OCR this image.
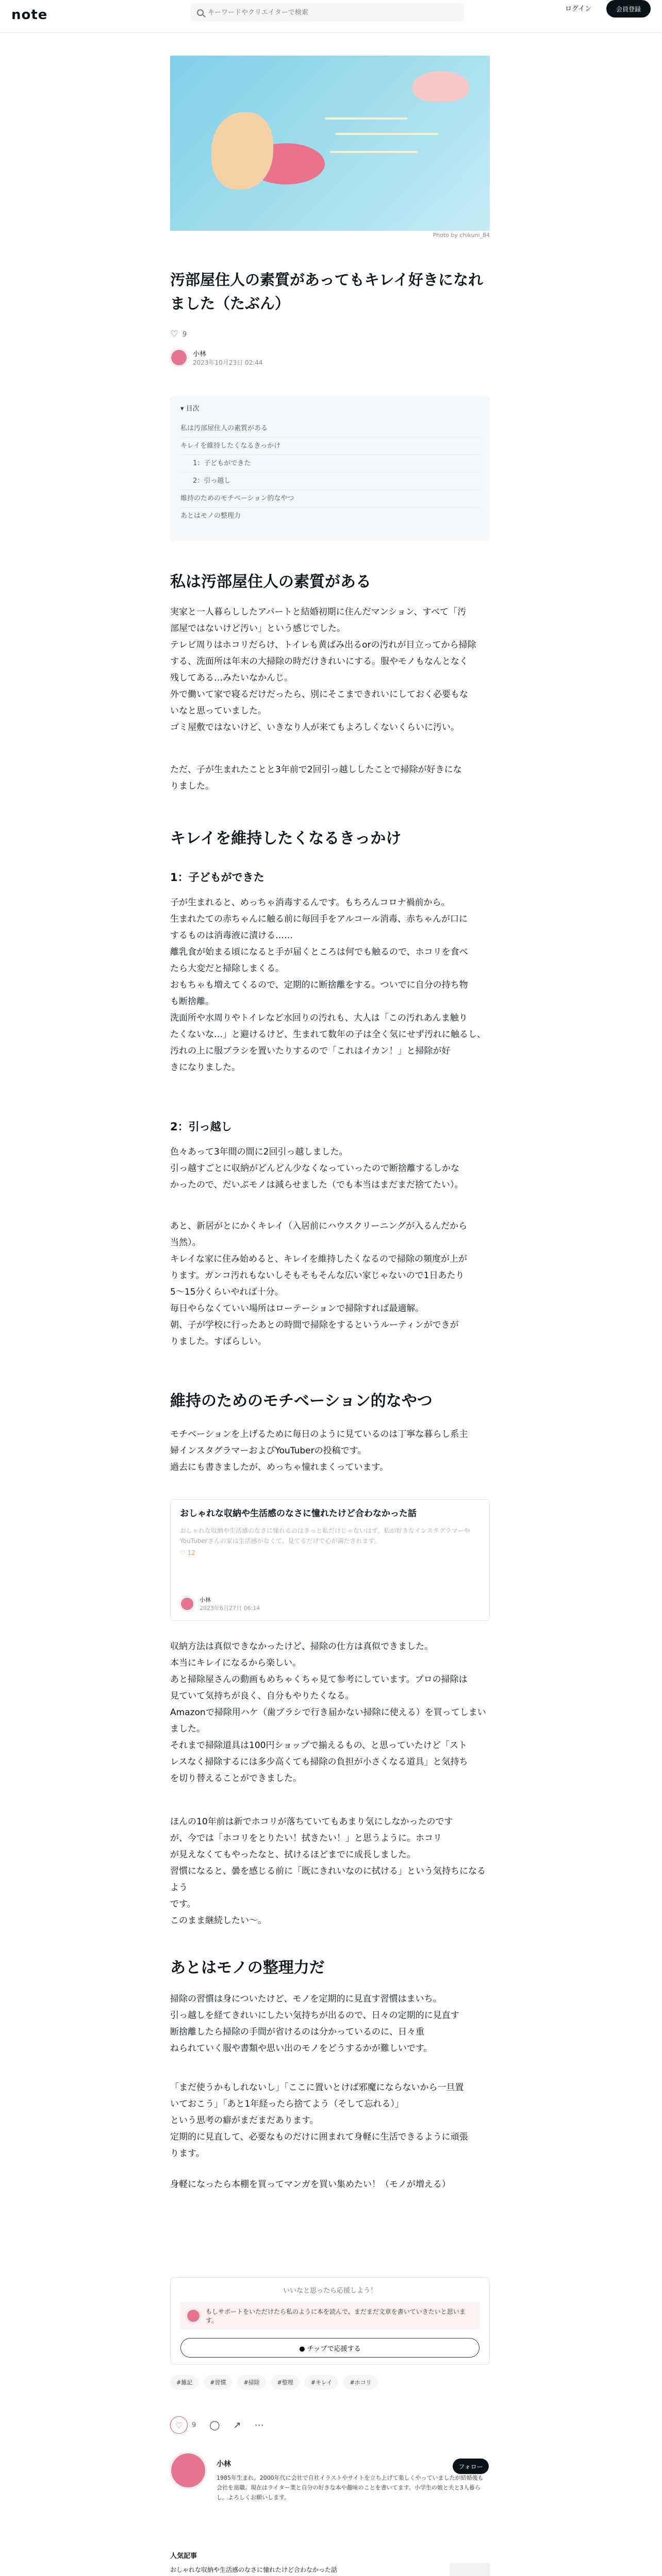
note
キーワードやクリエイターで検索	ログイン	会員登録
Photo by chikuni_84
汚部屋住人の素質があってもキレイ好きになれました（たぶん）
♡
9
小林
2023年10月23日 02:44
▾ 目次
私は汚部屋住人の素質がある
キレイを維持したくなるきっかけ
1：子どもができた
2：引っ越し
維持のためのモチベーション的なやつ
あとはモノの整理力
私は汚部屋住人の素質がある
実家と一人暮らししたアパートと結婚初期に住んだマンション、すべて「汚
部屋ではないけど汚い」という感じでした。
テレビ周りはホコリだらけ、トイレも黄ばみ出るorの汚れが目立ってから掃除
する、洗面所は年末の大掃除の時だけきれいにする。服やモノもなんとなく
残してある…みたいなかんじ。
外で働いて家で寝るだけだったら、別にそこまできれいにしておく必要もな
いなと思っていました。
ゴミ屋敷ではないけど、いきなり人が来てもよろしくないくらいに汚い。
ただ、子が生まれたことと3年前で2回引っ越ししたことで掃除が好きにな
りました。
キレイを維持したくなるきっかけ
1：子どもができた
子が生まれると、めっちゃ消毒するんです。もちろんコロナ禍前から。
生まれたての赤ちゃんに触る前に毎回手をアルコール消毒、赤ちゃんが口に
するものは消毒液に漬ける……
離乳食が始まる頃になると手が届くところは何でも触るので、ホコリを食べ
たら大変だと掃除しまくる。
おもちゃも増えてくるので、定期的に断捨離をする。ついでに自分の持ち物
も断捨離。
洗面所や水周りやトイレなど水回りの汚れも、大人は「この汚れあんま触り
たくないな…」と避けるけど、生まれて数年の子は全く気にせず汚れに触るし、
汚れの上に服ブラシを置いたりするので「これはイカン！」と掃除が好
きになりました。
2：引っ越し
色々あって3年間の間に2回引っ越しました。
引っ越すごとに収納がどんどん少なくなっていったので断捨離するしかな
かったので、だいぶモノは減らせました（でも本当はまだまだ捨てたい）。
あと、新居がとにかくキレイ（入居前にハウスクリーニングが入るんだから
当然）。
キレイな家に住み始めると、キレイを維持したくなるので掃除の頻度が上が
ります。ガンコ汚れもないしそもそもそんな広い家じゃないので1日あたり
5〜15分くらいやれば十分。
毎日やらなくていい場所はローテーションで掃除すれば最適解。
朝、子が学校に行ったあとの時間で掃除をするというルーティンができが
りました。すばらしい。
維持のためのモチベーション的なやつ
モチベーションを上げるために毎日のように見ているのは丁寧な暮らし系主
婦インスタグラマーおよびYouTuberの投稿です。
過去にも書きましたが、めっちゃ憧れまくっています。
おしゃれな収納や生活感のなさに憧れたけど合わなかった話
おしゃれな収納や生活感のなさに憧れるのはきっと私だけじゃないはず。私が好きなインスタグラマーやYouTuberさんの家は生活感がなくて、見てるだけで心が満たされます。
♡ 12
小林
2023年6月27日 06:14
収納方法は真似できなかったけど、掃除の仕方は真似できました。
本当にキレイになるから楽しい。
あと掃除屋さんの動画もめちゃくちゃ見て参考にしています。プロの掃除は
見ていて気持ちが良く、自分もやりたくなる。
Amazonで掃除用ハケ（歯ブラシで行き届かない掃除に使える）を買ってしまい
ました。
それまで掃除道具は100円ショップで揃えるもの、と思っていたけど「スト
レスなく掃除するには多少高くても掃除の負担が小さくなる道具」と気持ち
を切り替えることができました。
ほんの10年前は新でホコリが落ちていてもあまり気にしなかったのです
が、今では「ホコリをとりたい！拭きたい！」と思うように。ホコリ
が見えなくてもやったなと、拭けるほどまでに成長しました。
習慣になると、曇を感じる前に「既にきれいなのに拭ける」という気持ちになるよう
です。
このまま継続したい〜。
あとはモノの整理力だ
掃除の習慣は身についたけど、モノを定期的に見直す習慣はまいち。
引っ越しを経てきれいにしたい気持ちが出るので、日々の定期的に見直す
断捨離したら掃除の手間が省けるのは分かっているのに、日々重
ねられていく服や書類や思い出のモノをどうするかが難しいです。
「まだ使うかもしれないし」「ここに置いとけば邪魔にならないから一旦置
いておこう」「あと1年経ったら捨てよう（そして忘れる）」
という思考の癖がまだまだあります。
定期的に見直して、必要なものだけに囲まれて身軽に生活できるように頑張
ります。
身軽になったら本棚を買ってマンガを買い集めたい！（モノが増える）
いいなと思ったら応援しよう！
もしサポートをいただけたら私のように本を読んで、まだまだ文章を書いていきたいと思います。
● チップで応援する
#雑記	#習慣	#掃除	#整理	#キレイ	#ホコリ
♡	9 ◯ ↗ ⋯
小林
1985年生まれ。2000年代に会社で自社イラストやサイトを立ち上げて楽しくやっていましたが結婚後も会社を退職。現在はライター業と自分の好きな本や趣味のことを書いてます。小学生の娘と夫と3人暮らし。よろしくお願いします。
フォロー
人気記事
おしゃれな収納や生活感のなさに憧れたけど合わなかった話
